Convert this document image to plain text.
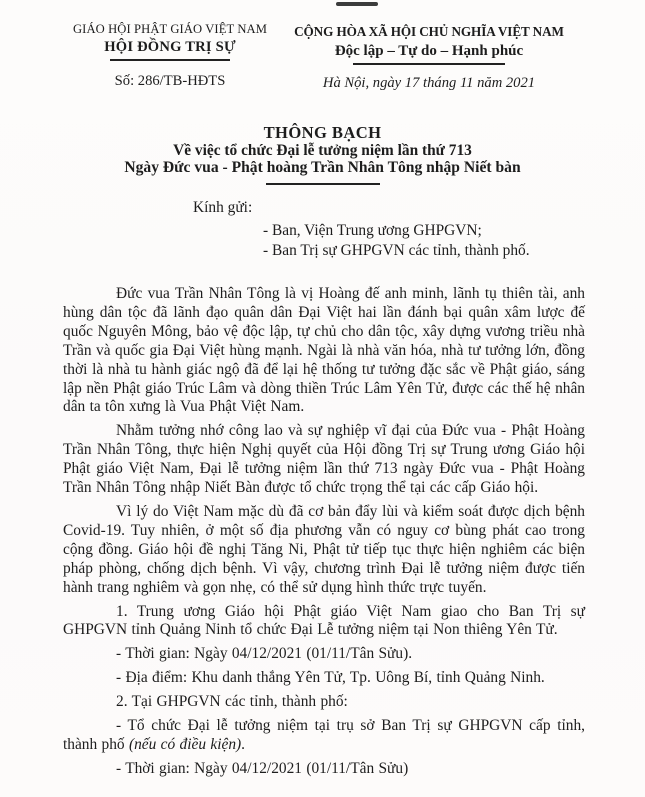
GIÁO HỘI PHẬT GIÁO VIỆT NAM
HỘI ĐỒNG TRỊ SỰ
Số: 286/TB-HĐTS
CỘNG HÒA XÃ HỘI CHỦ NGHĨA VIỆT NAM
Độc lập – Tự do – Hạnh phúc
Hà Nội, ngày 17 tháng 11 năm 2021
THÔNG BẠCH
Về việc tổ chức Đại lễ tưởng niệm lần thứ 713
Ngày Đức vua - Phật hoàng Trần Nhân Tông nhập Niết bàn
Kính gửi:
- Ban, Viện Trung ương GHPGVN;
- Ban Trị sự GHPGVN các tỉnh, thành phố.

Đức vua Trần Nhân Tông là vị Hoàng đế anh minh, lãnh tụ thiên tài, anh hùng dân tộc đã lãnh đạo quân dân Đại Việt hai lần đánh bại quân xâm lược đế quốc Nguyên Mông, bảo vệ độc lập, tự chủ cho dân tộc, xây dựng vương triều nhà Trần và quốc gia Đại Việt hùng mạnh. Ngài là nhà văn hóa, nhà tư tưởng lớn, đồng thời là nhà tu hành giác ngộ đã để lại hệ thống tư tưởng đặc sắc về Phật giáo, sáng lập nền Phật giáo Trúc Lâm và dòng thiền Trúc Lâm Yên Tử, được các thế hệ nhân dân ta tôn xưng là Vua Phật Việt Nam.

Nhằm tưởng nhớ công lao và sự nghiệp vĩ đại của Đức vua - Phật Hoàng Trần Nhân Tông, thực hiện Nghị quyết của Hội đồng Trị sự Trung ương Giáo hội Phật giáo Việt Nam, Đại lễ tưởng niệm lần thứ 713 ngày Đức vua - Phật Hoàng Trần Nhân Tông nhập Niết Bàn được tổ chức trọng thể tại các cấp Giáo hội.

Vì lý do Việt Nam mặc dù đã cơ bản đẩy lùi và kiểm soát được dịch bệnh Covid-19. Tuy nhiên, ở một số địa phương vẫn có nguy cơ bùng phát cao trong cộng đồng. Giáo hội đề nghị Tăng Ni, Phật tử tiếp tục thực hiện nghiêm các biện pháp phòng, chống dịch bệnh. Vì vậy, chương trình Đại lễ tưởng niệm được tiến hành trang nghiêm và gọn nhẹ, có thể sử dụng hình thức trực tuyến.

1. Trung ương Giáo hội Phật giáo Việt Nam giao cho Ban Trị sự GHPGVN tỉnh Quảng Ninh tổ chức Đại Lễ tưởng niệm tại Non thiêng Yên Tử.

- Thời gian: Ngày 04/12/2021 (01/11/Tân Sửu).

- Địa điểm: Khu danh thắng Yên Tử, Tp. Uông Bí, tỉnh Quảng Ninh.

2. Tại GHPGVN các tỉnh, thành phố:

- Tổ chức Đại lễ tưởng niệm tại trụ sở Ban Trị sự GHPGVN cấp tỉnh, thành phố (nếu có điều kiện).

- Thời gian: Ngày 04/12/2021 (01/11/Tân Sửu)
